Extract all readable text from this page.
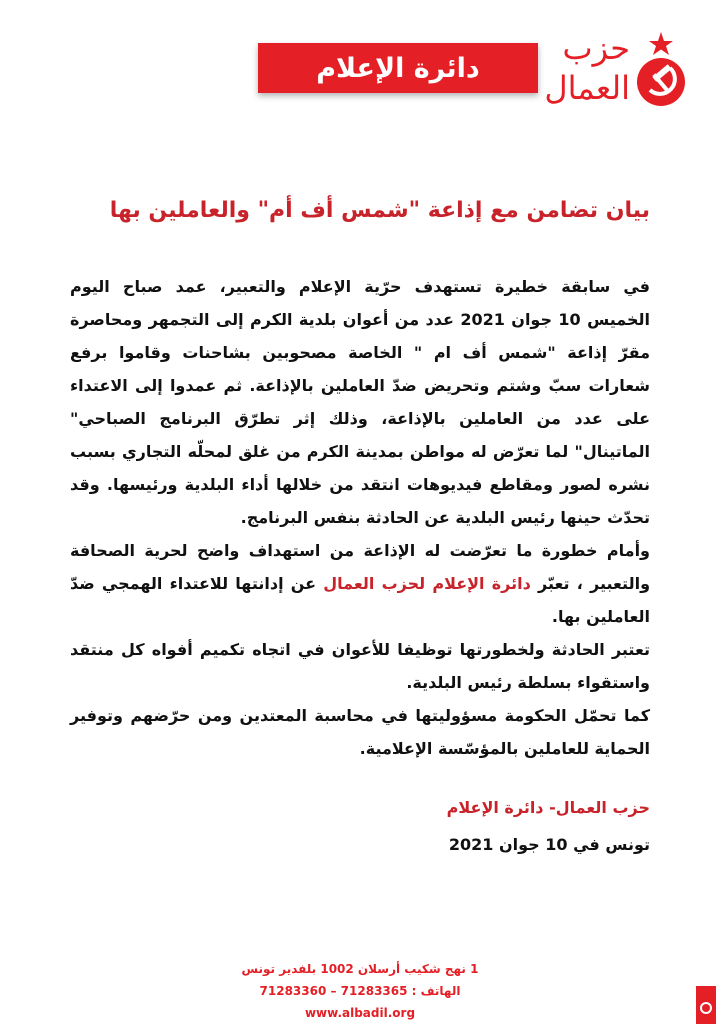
دائرة الإعلام
حزب
العمال
بيان تضامن مع إذاعة "شمس أف أم" والعاملين بها

في سابقة خطيرة تستهدف حرّية الإعلام والتعبير، عمد صباح اليوم الخميس 10 جوان 2021 عدد من أعوان بلدية الكرم إلى التجمهر ومحاصرة مقرّ إذاعة "شمس أف ام " الخاصة مصحوبين بشاحنات وقاموا برفع شعارات سبّ وشتم وتحريض ضدّ العاملين بالإذاعة. ثم عمدوا إلى الاعتداء على عدد من العاملين بالإذاعة، وذلك إثر تطرّق البرنامج الصباحي" الماتينال" لما تعرّض له مواطن بمدينة الكرم من غلق لمحلّه التجاري بسبب نشره لصور ومقاطع فيديوهات انتقد من خلالها أداء البلدية ورئيسها. وقد تحدّث حينها رئيس البلدية عن الحادثة بنفس البرنامج.

وأمام خطورة ما تعرّضت له الإذاعة من استهداف واضح لحرية الصحافة والتعبير ، تعبّر دائرة الإعلام لحزب العمال عن إدانتها للاعتداء الهمجي ضدّ العاملين بها.

تعتبر الحادثة ولخطورتها توظيفا للأعوان في اتجاه تكميم أفواه كل منتقد واستقواء بسلطة رئيس البلدية.

كما تحمّل الحكومة مسؤوليتها في محاسبة المعتدين ومن حرّضهم وتوفير الحماية للعاملين بالمؤسّسة الإعلامية.

حزب العمال- دائرة الإعلام
تونس في 10 جوان 2021
1 نهج شكيب أرسلان 1002 بلفدير تونس
الهاتف : 71283365 – 71283360
www.albadil.org
